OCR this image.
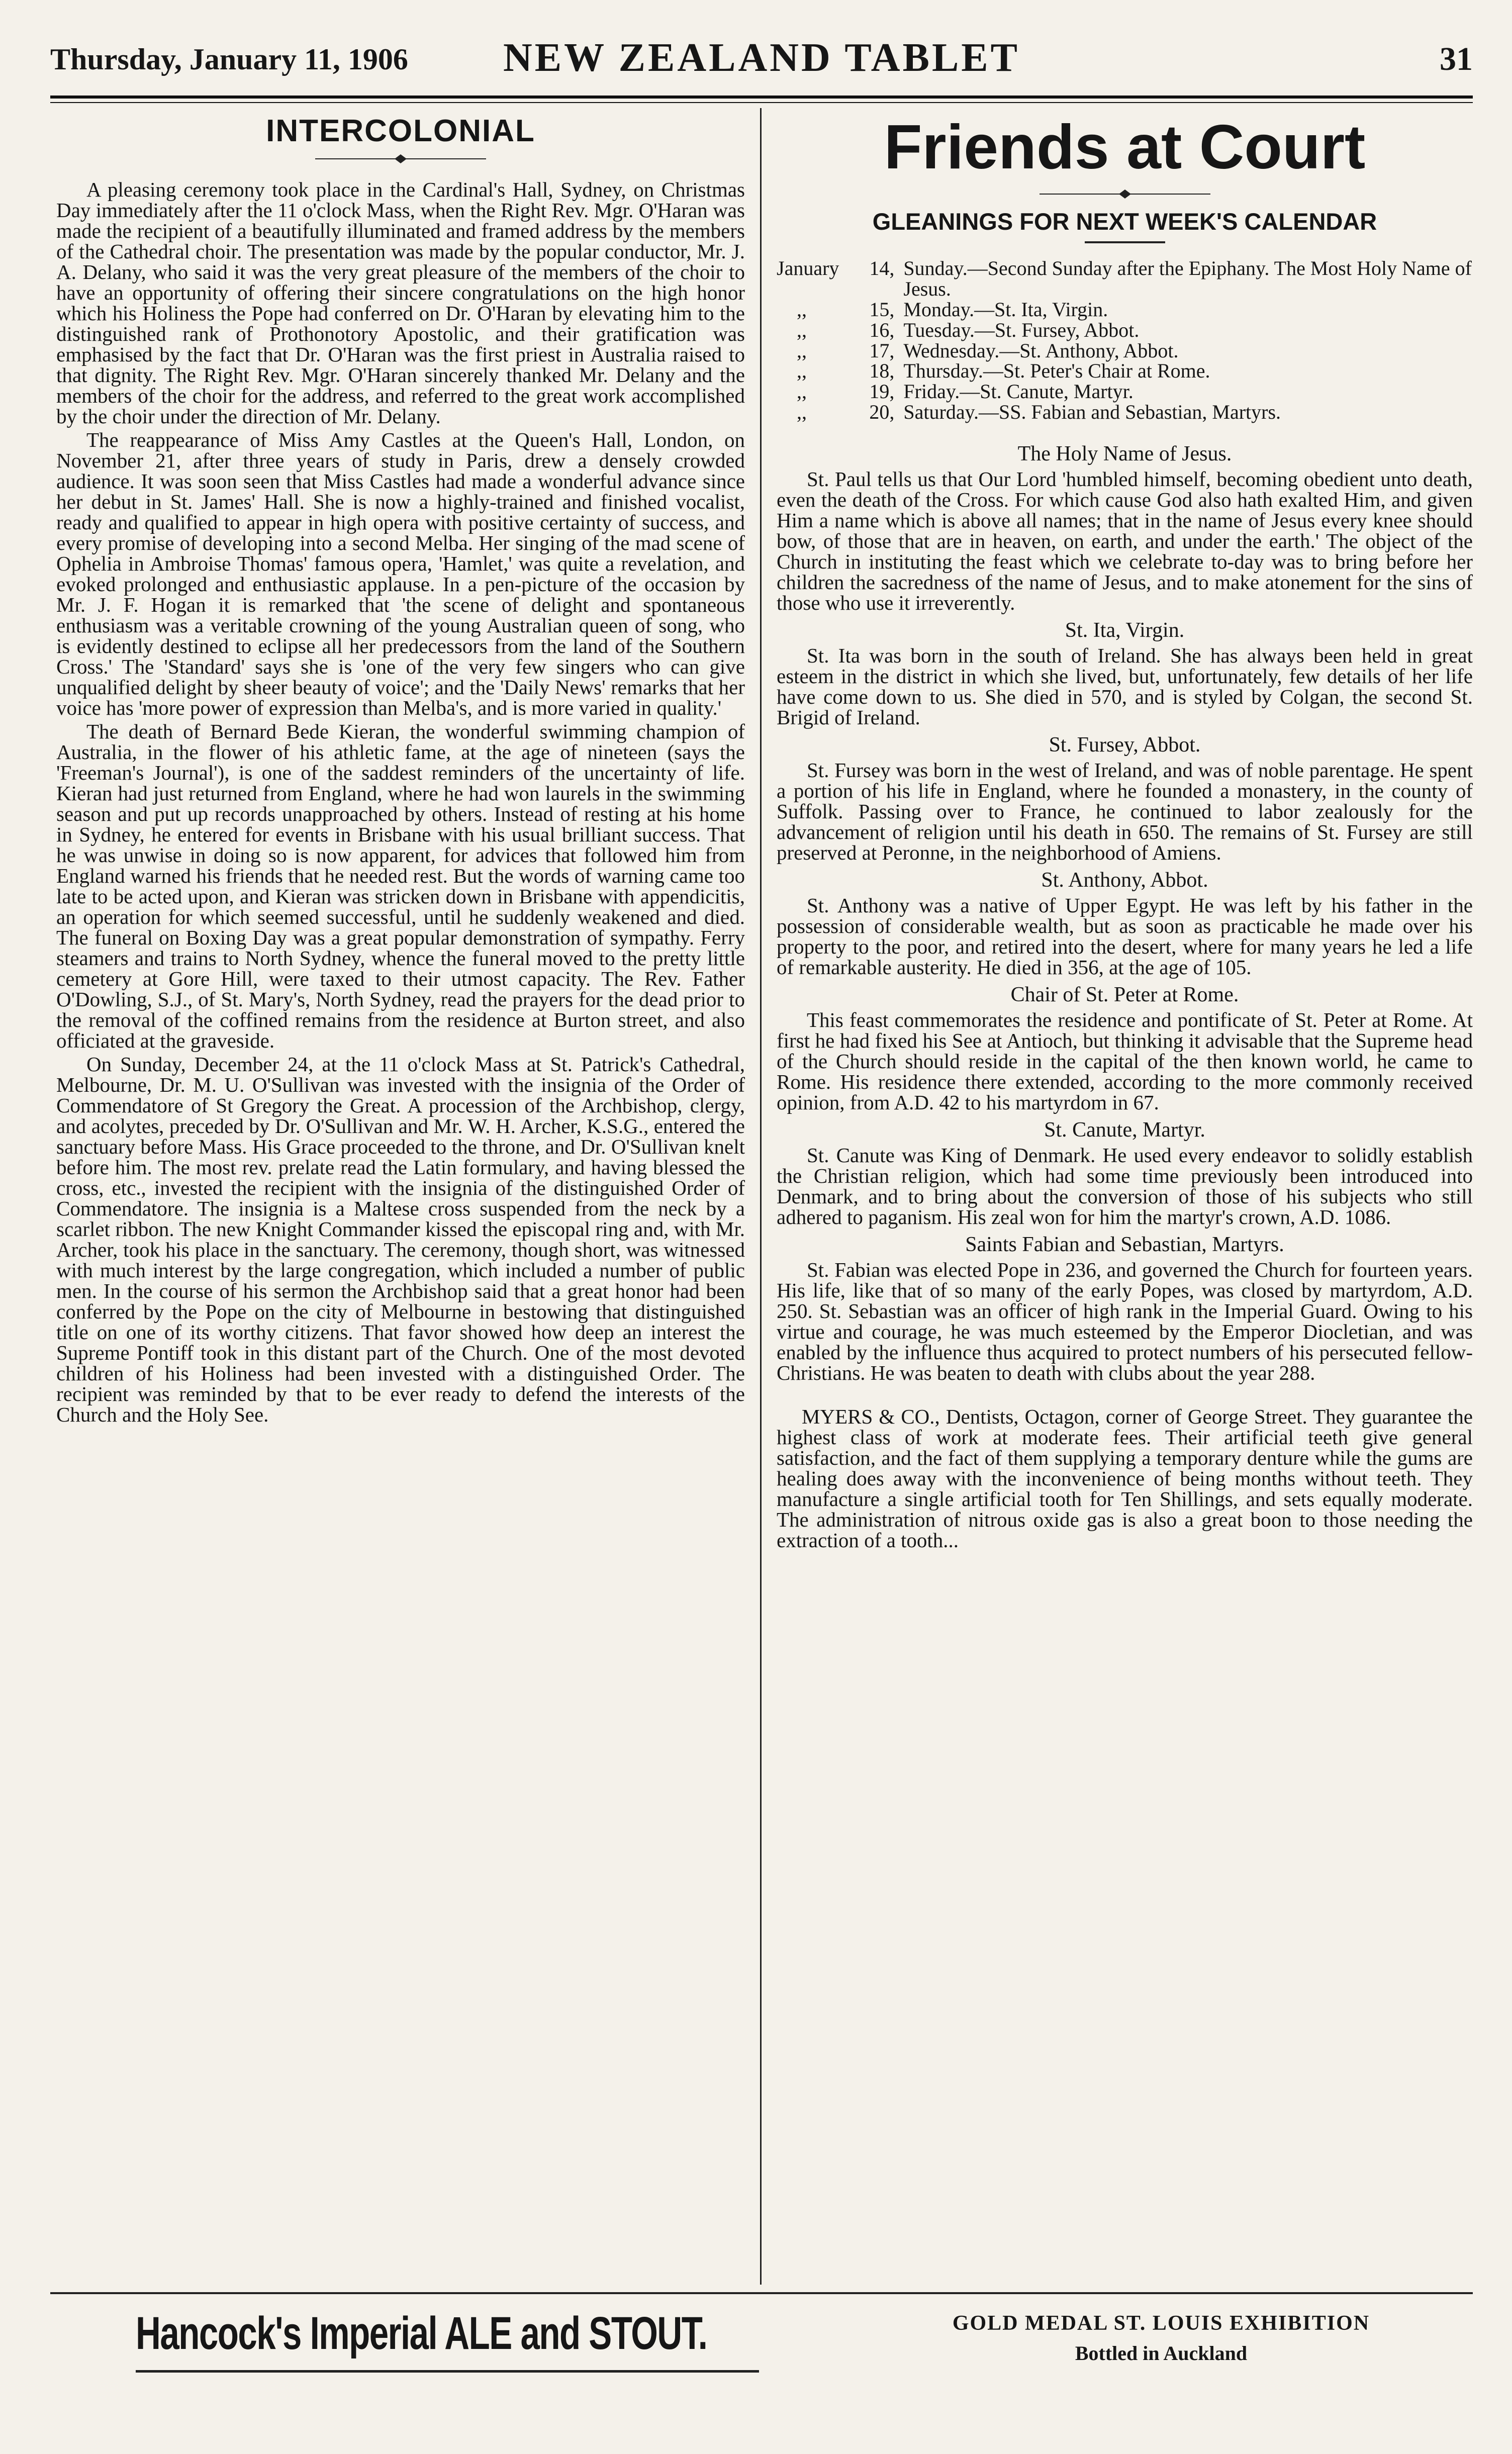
Thursday, January 11, 1906	NEW ZEALAND TABLET	31
INTERCOLONIAL

A pleasing ceremony took place in the Cardinal's Hall, Sydney, on Christmas Day immediately after the 11 o'clock Mass, when the Right Rev. Mgr. O'Haran was made the recipient of a beautifully illuminated and framed address by the members of the Cathedral choir. The presentation was made by the popular conductor, Mr. J. A. Delany, who said it was the very great pleasure of the members of the choir to have an opportunity of offering their sincere congratulations on the high honor which his Holiness the Pope had conferred on Dr. O'Haran by elevating him to the distinguished rank of Prothonotory Apostolic, and their gratification was emphasised by the fact that Dr. O'Haran was the first priest in Australia raised to that dignity. The Right Rev. Mgr. O'Haran sincerely thanked Mr. Delany and the members of the choir for the address, and referred to the great work accomplished by the choir under the direction of Mr. Delany.

The reappearance of Miss Amy Castles at the Queen's Hall, London, on November 21, after three years of study in Paris, drew a densely crowded audience. It was soon seen that Miss Castles had made a wonderful advance since her debut in St. James' Hall. She is now a highly-trained and finished vocalist, ready and qualified to appear in high opera with positive certainty of success, and every promise of developing into a second Melba. Her singing of the mad scene of Ophelia in Ambroise Thomas' famous opera, 'Hamlet,' was quite a revelation, and evoked prolonged and enthusiastic applause. In a pen-picture of the occasion by Mr. J. F. Hogan it is remarked that 'the scene of delight and spontaneous enthusiasm was a veritable crowning of the young Australian queen of song, who is evidently destined to eclipse all her predecessors from the land of the Southern Cross.' The 'Standard' says she is 'one of the very few singers who can give unqualified delight by sheer beauty of voice'; and the 'Daily News' remarks that her voice has 'more power of expression than Melba's, and is more varied in quality.'

The death of Bernard Bede Kieran, the wonderful swimming champion of Australia, in the flower of his athletic fame, at the age of nineteen (says the 'Freeman's Journal'), is one of the saddest reminders of the uncertainty of life. Kieran had just returned from England, where he had won laurels in the swimming season and put up records unapproached by others. Instead of resting at his home in Sydney, he entered for events in Brisbane with his usual brilliant success. That he was unwise in doing so is now apparent, for advices that followed him from England warned his friends that he needed rest. But the words of warning came too late to be acted upon, and Kieran was stricken down in Brisbane with appendicitis, an operation for which seemed successful, until he suddenly weakened and died. The funeral on Boxing Day was a great popular demonstration of sympathy. Ferry steamers and trains to North Sydney, whence the funeral moved to the pretty little cemetery at Gore Hill, were taxed to their utmost capacity. The Rev. Father O'Dowling, S.J., of St. Mary's, North Sydney, read the prayers for the dead prior to the removal of the coffined remains from the residence at Burton street, and also officiated at the graveside.

On Sunday, December 24, at the 11 o'clock Mass at St. Patrick's Cathedral, Melbourne, Dr. M. U. O'Sullivan was invested with the insignia of the Order of Commendatore of St Gregory the Great. A procession of the Archbishop, clergy, and acolytes, preceded by Dr. O'Sullivan and Mr. W. H. Archer, K.S.G., entered the sanctuary before Mass. His Grace proceeded to the throne, and Dr. O'Sullivan knelt before him. The most rev. prelate read the Latin formulary, and having blessed the cross, etc., invested the recipient with the insignia of the distinguished Order of Commendatore. The insignia is a Maltese cross suspended from the neck by a scarlet ribbon. The new Knight Commander kissed the episcopal ring and, with Mr. Archer, took his place in the sanctuary. The ceremony, though short, was witnessed with much interest by the large congregation, which included a number of public men. In the course of his sermon the Archbishop said that a great honor had been conferred by the Pope on the city of Melbourne in bestowing that distinguished title on one of its worthy citizens. That favor showed how deep an interest the Supreme Pontiff took in this distant part of the Church. One of the most devoted children of his Holiness had been invested with a distinguished Order. The recipient was reminded by that to be ever ready to defend the interests of the Church and the Holy See.

Friends at Court
GLEANINGS FOR NEXT WEEK'S CALENDAR
January	14,	Sunday.—Second Sunday after the Epiphany. The Most Holy Name of Jesus.
,,	15,	Monday.—St. Ita, Virgin.
,,	16,	Tuesday.—St. Fursey, Abbot.
,,	17,	Wednesday.—St. Anthony, Abbot.
,,	18,	Thursday.—St. Peter's Chair at Rome.
,,	19,	Friday.—St. Canute, Martyr.
,,	20,	Saturday.—SS. Fabian and Sebastian, Martyrs.
The Holy Name of Jesus.

St. Paul tells us that Our Lord 'humbled himself, becoming obedient unto death, even the death of the Cross. For which cause God also hath exalted Him, and given Him a name which is above all names; that in the name of Jesus every knee should bow, of those that are in heaven, on earth, and under the earth.' The object of the Church in instituting the feast which we celebrate to-day was to bring before her children the sacredness of the name of Jesus, and to make atonement for the sins of those who use it irreverently.

St. Ita, Virgin.

St. Ita was born in the south of Ireland. She has always been held in great esteem in the district in which she lived, but, unfortunately, few details of her life have come down to us. She died in 570, and is styled by Colgan, the second St. Brigid of Ireland.

St. Fursey, Abbot.

St. Fursey was born in the west of Ireland, and was of noble parentage. He spent a portion of his life in England, where he founded a monastery, in the county of Suffolk. Passing over to France, he continued to labor zealously for the advancement of religion until his death in 650. The remains of St. Fursey are still preserved at Peronne, in the neighborhood of Amiens.

St. Anthony, Abbot.

St. Anthony was a native of Upper Egypt. He was left by his father in the possession of considerable wealth, but as soon as practicable he made over his property to the poor, and retired into the desert, where for many years he led a life of remarkable austerity. He died in 356, at the age of 105.

Chair of St. Peter at Rome.

This feast commemorates the residence and pontificate of St. Peter at Rome. At first he had fixed his See at Antioch, but thinking it advisable that the Supreme head of the Church should reside in the capital of the then known world, he came to Rome. His residence there extended, according to the more commonly received opinion, from A.D. 42 to his martyrdom in 67.

St. Canute, Martyr.

St. Canute was King of Denmark. He used every endeavor to solidly establish the Christian religion, which had some time previously been introduced into Denmark, and to bring about the conversion of those of his subjects who still adhered to paganism. His zeal won for him the martyr's crown, A.D. 1086.

Saints Fabian and Sebastian, Martyrs.

St. Fabian was elected Pope in 236, and governed the Church for fourteen years. His life, like that of so many of the early Popes, was closed by martyrdom, A.D. 250. St. Sebastian was an officer of high rank in the Imperial Guard. Owing to his virtue and courage, he was much esteemed by the Emperor Diocletian, and was enabled by the influence thus acquired to protect numbers of his persecuted fellow-Christians. He was beaten to death with clubs about the year 288.

MYERS & CO., Dentists, Octagon, corner of George Street. They guarantee the highest class of work at moderate fees. Their artificial teeth give general satisfaction, and the fact of them supplying a temporary denture while the gums are healing does away with the inconvenience of being months without teeth. They manufacture a single artificial tooth for Ten Shillings, and sets equally moderate. The administration of nitrous oxide gas is also a great boon to those needing the extraction of a tooth...

Hancock's Imperial ALE and STOUT.	GOLD MEDAL ST. LOUIS EXHIBITION
Bottled in Auckland
